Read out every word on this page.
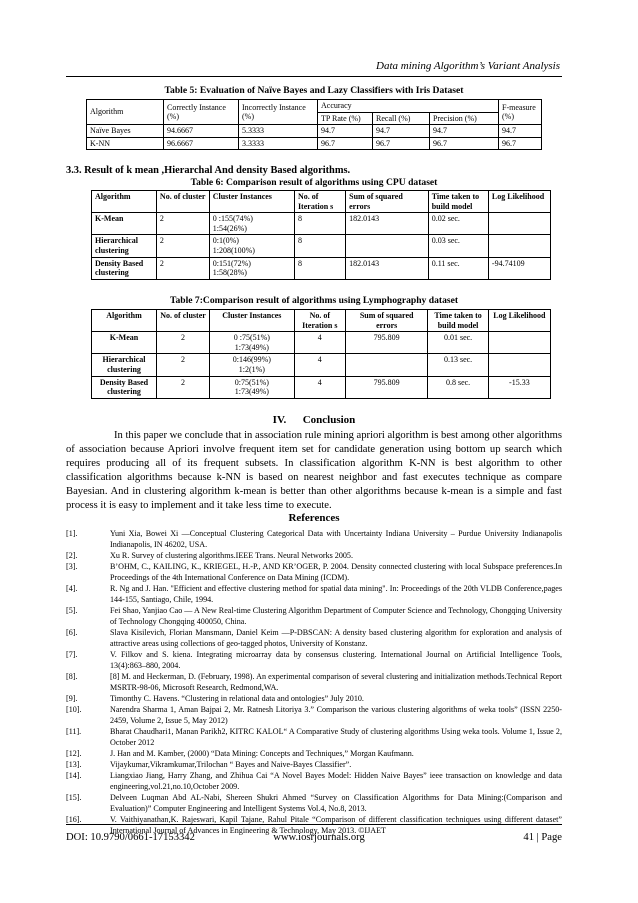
Data mining Algorithm’s Variant Analysis
Table 5: Evaluation of Naïve Bayes and Lazy Classifiers with Iris Dataset
Algorithm	Correctly Instance (%)	Incorrectly Instance (%)	Accuracy			F-measure (%)
			TP Rate (%)	Recall (%)	Precision (%)	
Naïve Bayes	94.6667	5.3333	94.7	94.7	94.7	94.7
K-NN	96.6667	3.3333	96.7	96.7	96.7	96.7
3.3. Result of k mean ,Hierarchal And density Based algorithms.
Table 6: Comparison result of algorithms using CPU dataset
Algorithm	No. of cluster	Cluster Instances	No. of Iteration s	Sum of squared errors	Time taken to build model	Log Likelihood
K-Mean	2	0 :155(74%)
1:54(26%)	8	182.0143	0.02 sec.	
Hierarchical clustering	2	0:1(0%)
1:208(100%)	8		0.03 sec.	
Density Based clustering	2	0:151(72%)
1:58(28%)	8	182.0143	0.11 sec.	-94.74109
Table 7:Comparison result of algorithms using Lymphography dataset
Algorithm	No. of cluster	Cluster Instances	No. of Iteration s	Sum of squared errors	Time taken to build model	Log Likelihood
K-Mean	2	0 :75(51%)
1:73(49%)	4	795.809	0.01 sec.	
Hierarchical clustering	2	0:146(99%)
1:2(1%)	4		0.13 sec.	
Density Based clustering	2	0:75(51%)
1:73(49%)	4	795.809	0.8 sec.	-15.33
IV.      Conclusion
In this paper we conclude that in association rule mining apriori algorithm is best among other algorithms of association because Apriori involve frequent item set for candidate generation using bottom up search which requires producing all of its frequent subsets. In classification algorithm K-NN is best algorithm to other classification algorithms because k-NN is based on nearest neighbor and fast executes technique as compare Bayesian. And in clustering algorithm k-mean is better than other algorithms because k-mean is a simple and fast process it is easy to implement and it take less time to execute.
References
[1].	Yuni Xia, Bowei Xi —Conceptual Clustering Categorical Data with Uncertainty Indiana University – Purdue University Indianapolis Indianapolis, IN 46202, USA.
[2].	Xu R. Survey of clustering algorithms.IEEE Trans. Neural Networks 2005.
[3].	B’OHM, C., KAILING, K., KRIEGEL, H.-P., AND KR’OGER, P. 2004. Density connected clustering with local Subspace preferences.In Proceedings of the 4th International Conference on Data Mining (ICDM).
[4].	R. Ng and J. Han. "Efficient and effective clustering method for spatial data mining". In: Proceedings of the 20th VLDB Conference,pages 144-155, Santiago, Chile, 1994.
[5].	Fei Shao, Yanjiao Cao — A New Real-time Clustering Algorithm Department of Computer Science and Technology, Chongqing University of Technology Chongqing 400050, China.
[6].	Slava Kisilevich, Florian Mansmann, Daniel Keim —P-DBSCAN: A density based clustering algorithm for exploration and analysis of attractive areas using collections of geo-tagged photos, University of Konstanz.
[7].	V. Filkov and S. kiena. Integrating microarray data by consensus clustering. International Journal on Artificial Intelligence Tools, 13(4):863–880, 2004.
[8].	[8] M. and Heckerman, D. (February, 1998). An experimental comparison of several clustering and initialization methods.Technical Report MSRTR-98-06, Microsoft Research, Redmond,WA.
[9].	Timonthy C. Havens. “Clustering in relational data and ontologies” July 2010.
[10].	Narendra Sharma 1, Aman Bajpai 2, Mr. Ratnesh Litoriya 3.” Comparison the various clustering algorithms of weka tools” (ISSN 2250-2459, Volume 2, Issue 5, May 2012)
[11].	Bharat Chaudhari1, Manan Parikh2, KITRC KALOL“ A Comparative Study of clustering algorithms Using weka tools. Volume 1, Issue 2, October 2012
[12].	J. Han and M. Kamber, (2000) “Data Mining: Concepts and Techniques,” Morgan Kaufmann.
[13].	Vijaykumar,Vikramkumar,Trilochan “ Bayes and Naive-Bayes Classifier”.
[14].	Liangxiao Jiang, Harry Zhang, and Zhihua Cai “A Novel Bayes Model: Hidden Naive Bayes” ieee transaction on knowledge and data engineering,vol.21,no.10,October 2009.
[15].	Delveen Luqman Abd AL-Nabi, Shereen Shukri Ahmed “Survey on Classification Algorithms for Data Mining:(Comparison and Evaluation)” Computer Engineering and Intelligent Systems Vol.4, No.8, 2013.
[16].	V. Vaithiyanathan,K. Rajeswari, Kapil Tajane, Rahul Pitale “Comparison of different classification techniques using different dataset” International Journal of Advances in Engineering & Technology, May 2013. ©IJAET
DOI: 10.9790/0661-17153342	www.iosrjournals.org	41 | Page
